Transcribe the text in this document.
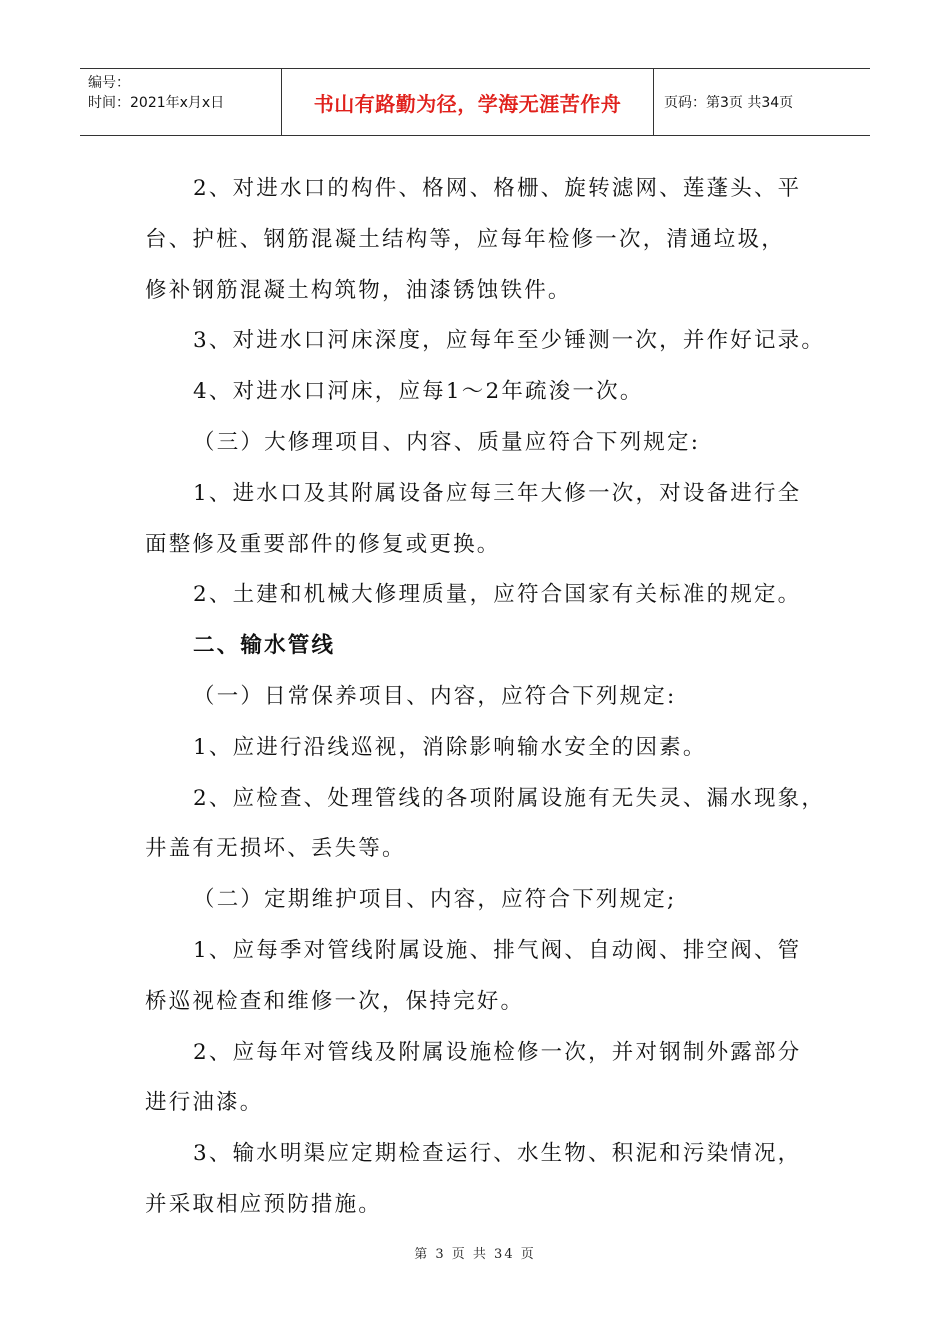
编号：
时间：2021年x月x日	书山有路勤为径，学海无涯苦作舟	页码：第3页 共34页

2、对进水口的构件、格网、格栅、旋转滤网、莲蓬头、平

台、护桩、钢筋混凝土结构等，应每年检修一次，清通垃圾，

修补钢筋混凝土构筑物，油漆锈蚀铁件。

3、对进水口河床深度，应每年至少锤测一次，并作好记录。

4、对进水口河床，应每1～2年疏浚一次。

（三）大修理项目、内容、质量应符合下列规定:

1、进水口及其附属设备应每三年大修一次，对设备进行全

面整修及重要部件的修复或更换。

2、土建和机械大修理质量，应符合国家有关标准的规定。

二、输水管线

（一）日常保养项目、内容，应符合下列规定:

1、应进行沿线巡视，消除影响输水安全的因素。

2、应检查、处理管线的各项附属设施有无失灵、漏水现象，

井盖有无损坏、丢失等。

（二）定期维护项目、内容，应符合下列规定;

1、应每季对管线附属设施、排气阀、自动阀、排空阀、管

桥巡视检查和维修一次，保持完好。

2、应每年对管线及附属设施检修一次，并对钢制外露部分

进行油漆。

3、输水明渠应定期检查运行、水生物、积泥和污染情况，

并采取相应预防措施。

第 3 页 共 34 页
